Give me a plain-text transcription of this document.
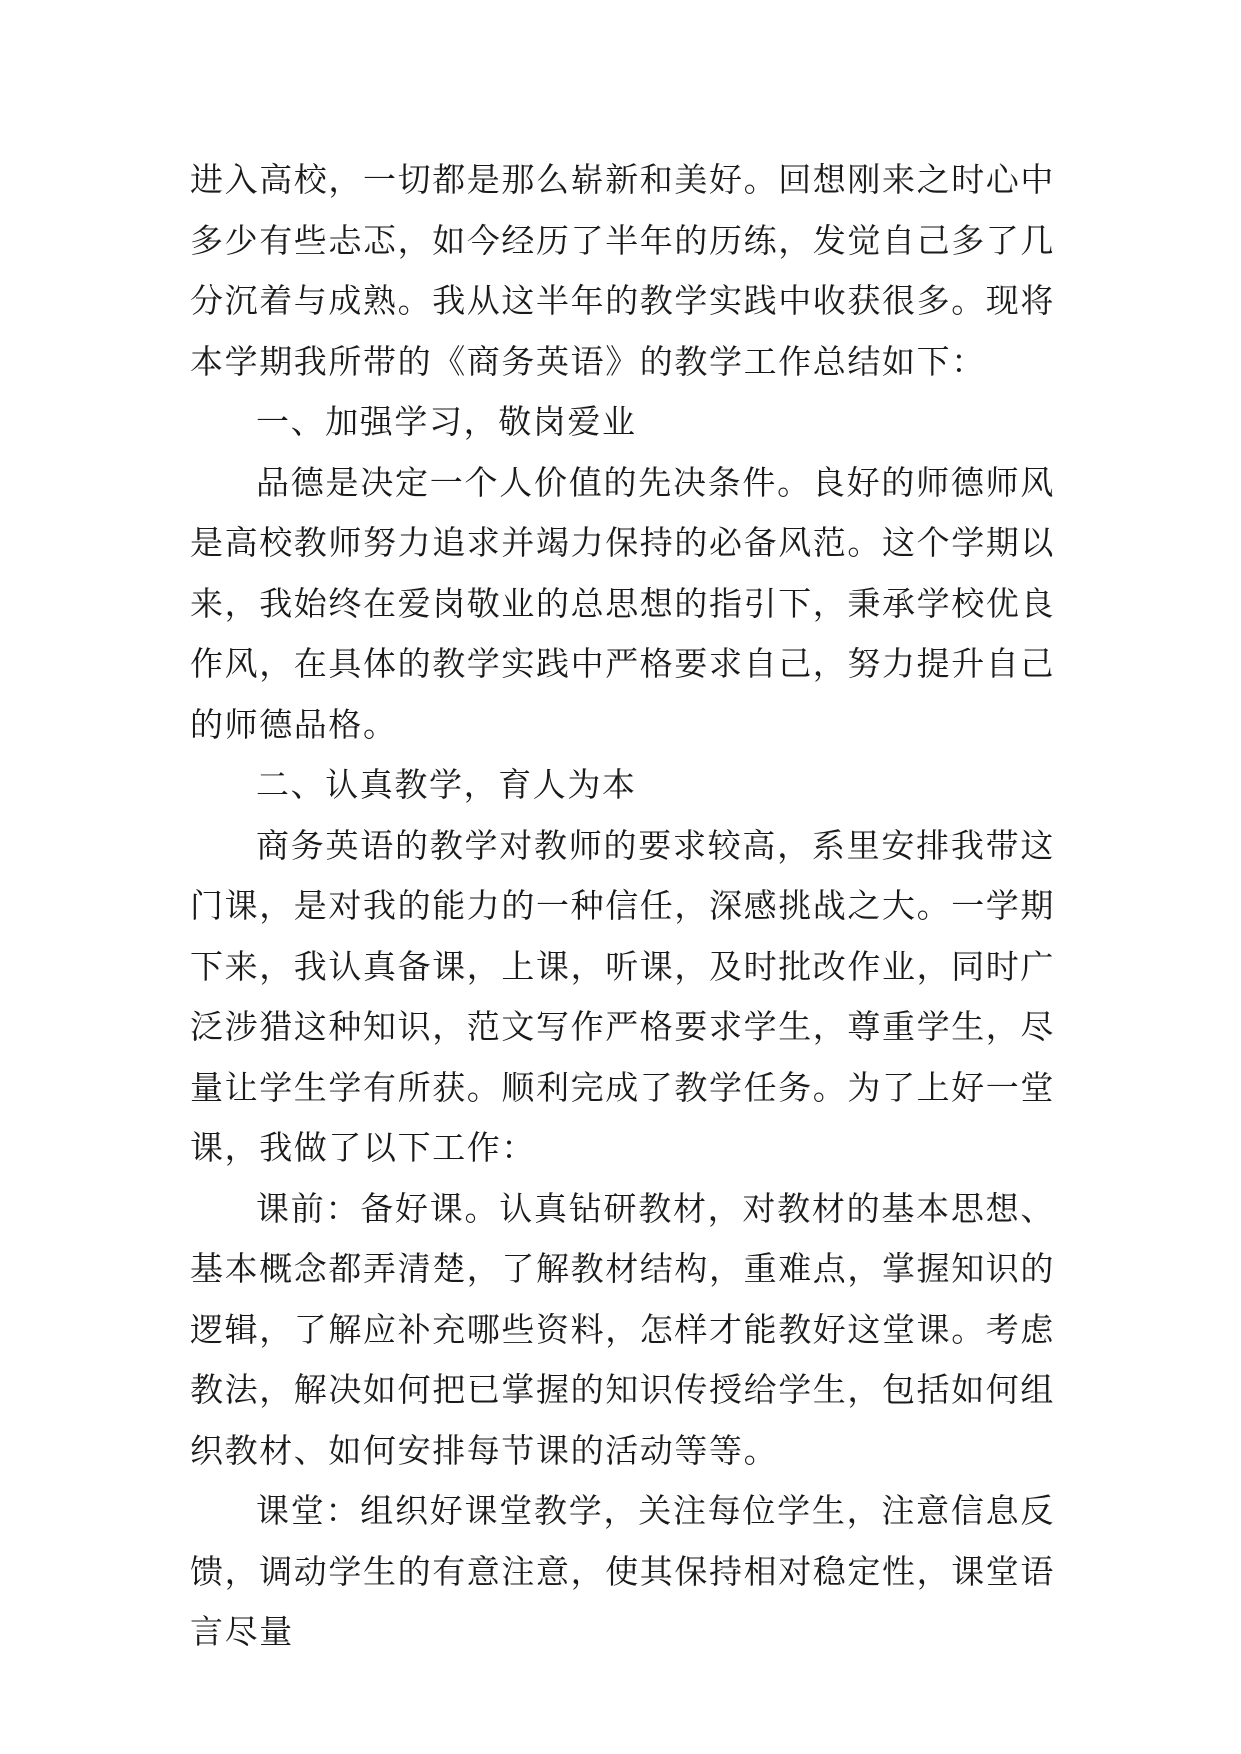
进入高校，一切都是那么崭新和美好。回想刚来之时心中多少有些忐忑，如今经历了半年的历练，发觉自己多了几分沉着与成熟。我从这半年的教学实践中收获很多。现将本学期我所带的《商务英语》的教学工作总结如下：

一、加强学习，敬岗爱业

品德是决定一个人价值的先决条件。良好的师德师风是高校教师努力追求并竭力保持的必备风范。这个学期以来，我始终在爱岗敬业的总思想的指引下，秉承学校优良作风，在具体的教学实践中严格要求自己，努力提升自己的师德品格。

二、认真教学，育人为本

商务英语的教学对教师的要求较高，系里安排我带这门课，是对我的能力的一种信任，深感挑战之大。一学期下来，我认真备课，上课，听课，及时批改作业，同时广泛涉猎这种知识，范文写作严格要求学生，尊重学生，尽量让学生学有所获。顺利完成了教学任务。为了上好一堂课，我做了以下工作：

课前：备好课。认真钻研教材，对教材的基本思想、基本概念都弄清楚，了解教材结构，重难点，掌握知识的逻辑，了解应补充哪些资料，怎样才能教好这堂课。考虑教法，解决如何把已掌握的知识传授给学生，包括如何组织教材、如何安排每节课的活动等等。

课堂：组织好课堂教学，关注每位学生，注意信息反馈，调动学生的有意注意，使其保持相对稳定性，课堂语言尽量
